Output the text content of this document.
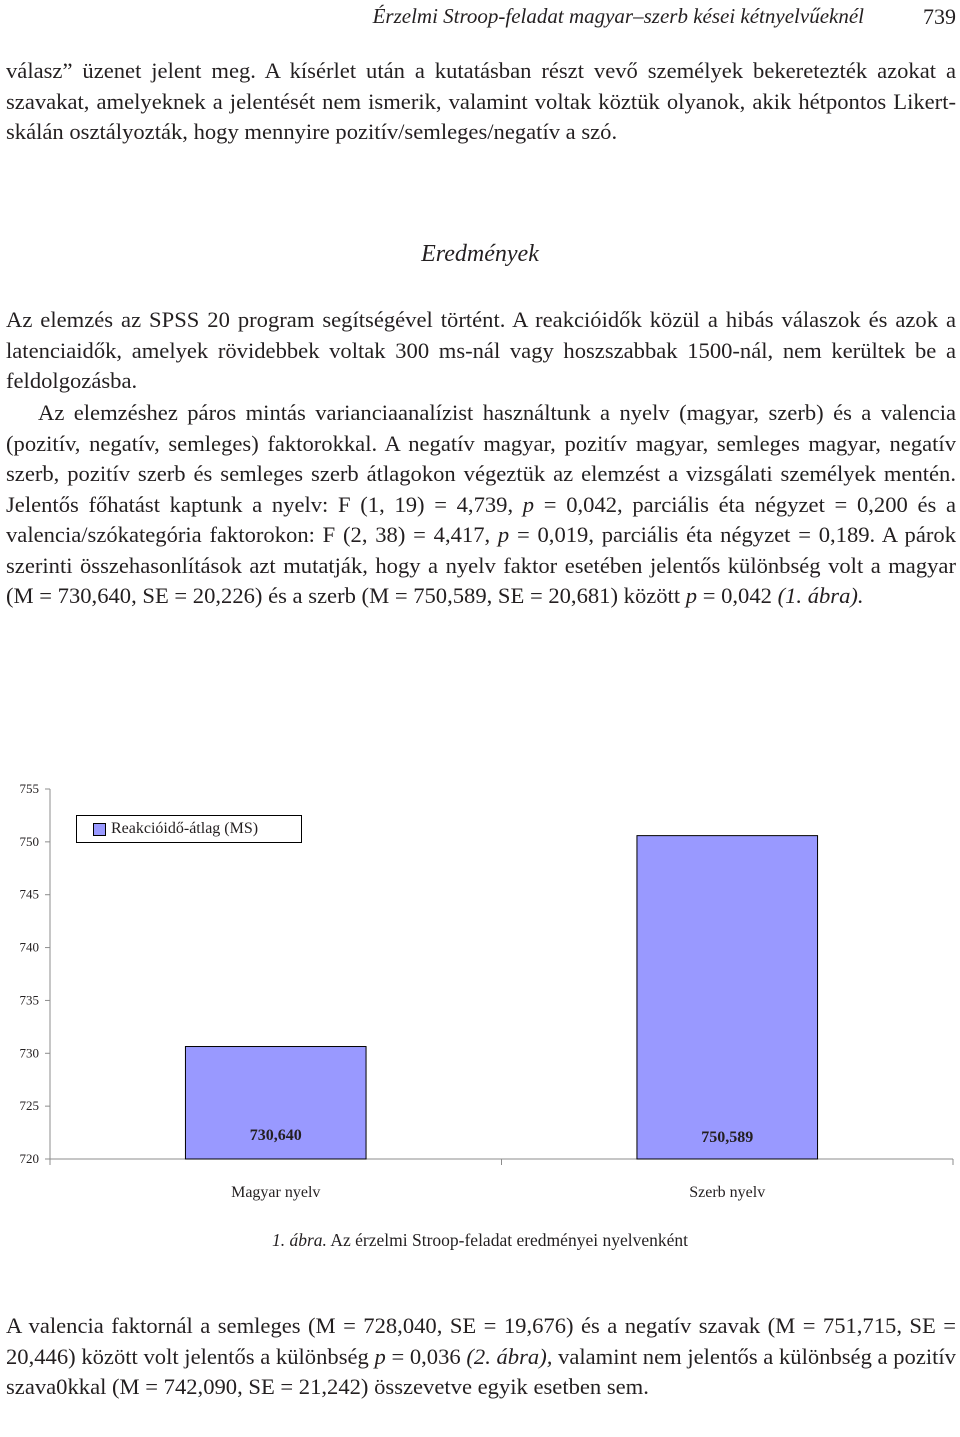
Érzelmi Stroop-feladat magyar–szerb kései kétnyelvűeknél	739

válasz” üzenet jelent meg. A kísérlet után a kutatásban részt vevő személyek bekeretezték azokat a szavakat, amelyeknek a jelentését nem ismerik, valamint voltak köztük olyanok, akik hétpontos Likert-skálán osztályozták, hogy mennyire pozitív/semleges/negatív a szó.

Eredmények

Az elemzés az SPSS 20 program segítségével történt. A reakcióidők közül a hibás válaszok és azok a latenciaidők, amelyek rövidebbek voltak 300 ms-nál vagy hoszszabbak 1500-nál, nem kerültek be a feldolgozásba.

Az elemzéshez páros mintás varianciaanalízist használtunk a nyelv (magyar, szerb) és a valencia (pozitív, negatív, semleges) faktorokkal. A negatív magyar, pozitív magyar, semleges magyar, negatív szerb, pozitív szerb és semleges szerb átlagokon végeztük az elemzést a vizsgálati személyek mentén. Jelentős főhatást kaptunk a nyelv: F (1, 19) = 4,739, p = 0,042, parciális éta négyzet = 0,200 és a valencia/szókategória faktorokon: F (2, 38) = 4,417, p = 0,019, parciális éta négyzet = 0,189. A párok szerinti összehasonlítások azt mutatják, hogy a nyelv faktor esetében jelentős különbség volt a magyar (M = 730,640, SE = 20,226) és a szerb (M = 750,589, SE = 20,681) között p = 0,042 (1. ábra).

720
725
730
735
740
745
750
755
730,640
Magyar nyelv
750,589
Szerb nyelv
Reakcióidő-átlag (MS)
1. ábra. Az érzelmi Stroop-feladat eredményei nyelvenként

A valencia faktornál a semleges (M = 728,040, SE = 19,676) és a negatív szavak (M = 751,715, SE = 20,446) között volt jelentős a különbség p = 0,036 (2. ábra), valamint nem jelentős a különbség a pozitív szava0kkal (M = 742,090, SE = 21,242) összevetve egyik esetben sem.
